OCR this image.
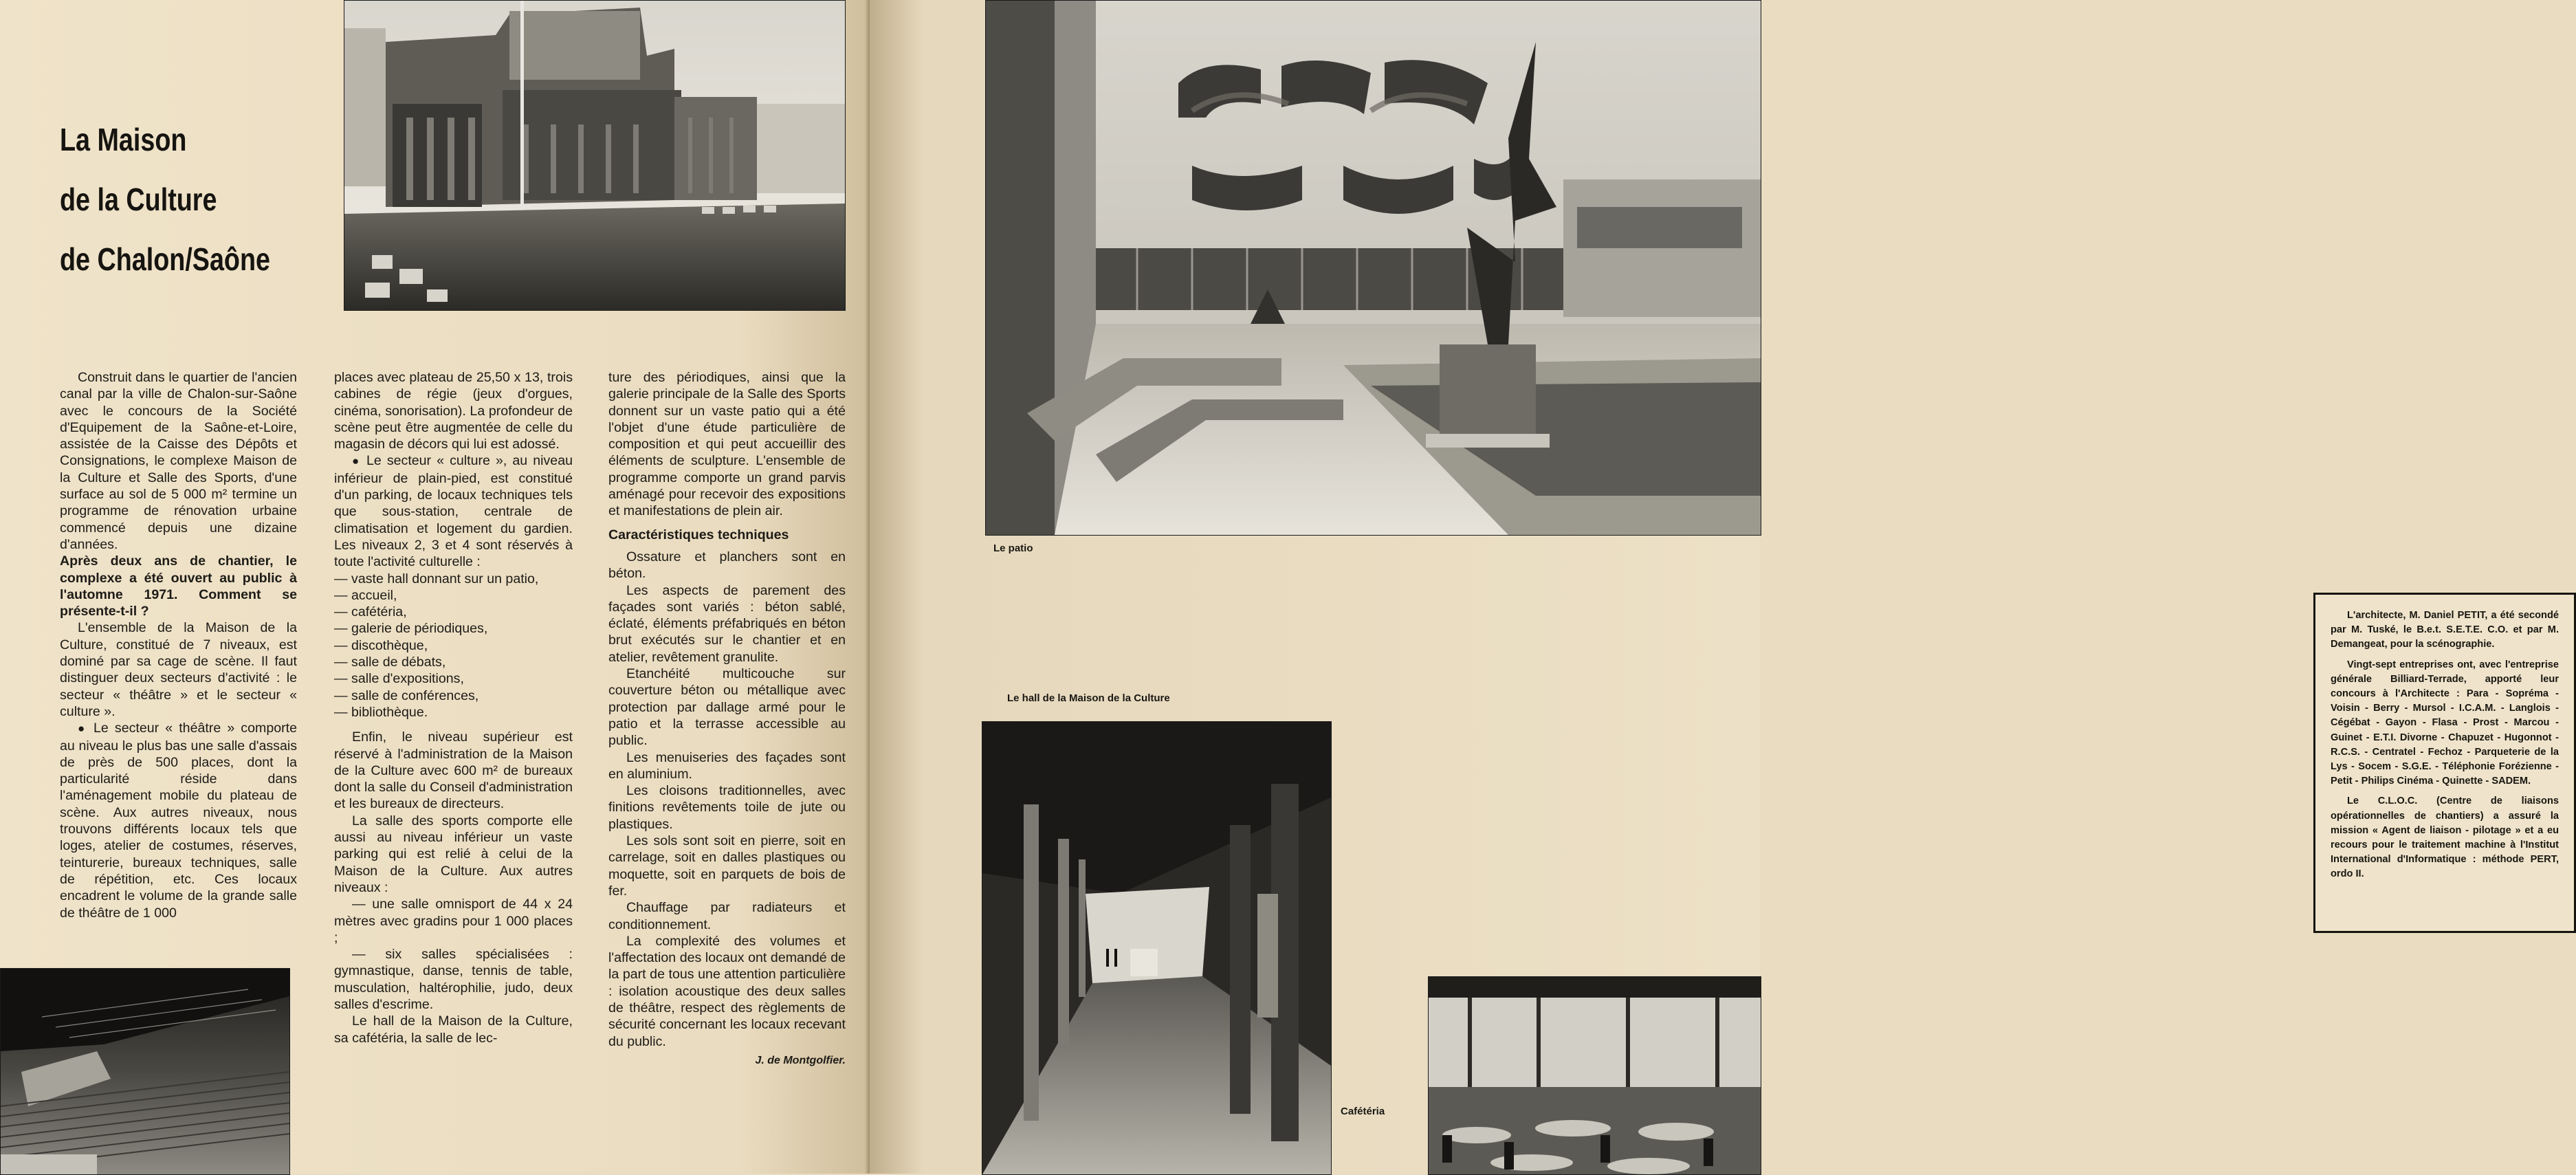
La Maison
de la Culture
de Chalon/Saône

Construit dans le quartier de l'ancien canal par la ville de Chalon-sur-Saône avec le concours de la Société d'Equipement de la Saône-et-Loire, assistée de la Caisse des Dépôts et Consignations, le complexe Maison de la Culture et Salle des Sports, d'une surface au sol de 5 000 m² termine un programme de rénovation urbaine commencé depuis une dizaine d'années.

Après deux ans de chantier, le complexe a été ouvert au public à l'automne 1971. Comment se présente-t-il ?

L'ensemble de la Maison de la Culture, constitué de 7 niveaux, est dominé par sa cage de scène. Il faut distinguer deux secteurs d'activité : le secteur « théâtre » et le secteur « culture ».

● Le secteur « théâtre » comporte au niveau le plus bas une salle d'assais de près de 500 places, dont la particularité réside dans l'aménagement mobile du plateau de scène. Aux autres niveaux, nous trouvons différents locaux tels que loges, atelier de costumes, réserves, teinturerie, bureaux techniques, salle de répétition, etc. Ces locaux encadrent le volume de la grande salle de théâtre de 1 000

places avec plateau de 25,50 x 13, trois cabines de régie (jeux d'orgues, cinéma, sonorisation). La profondeur de scène peut être augmentée de celle du magasin de décors qui lui est adossé.

● Le secteur « culture », au niveau inférieur de plain-pied, est constitué d'un parking, de locaux techniques tels que sous-station, centrale de climatisation et logement du gardien. Les niveaux 2, 3 et 4 sont réservés à toute l'activité culturelle :

— vaste hall donnant sur un patio,

— accueil,

— cafétéria,

— galerie de périodiques,

— discothèque,

— salle de débats,

— salle d'expositions,

— salle de conférences,

— bibliothèque.

Enfin, le niveau supérieur est réservé à l'administration de la Maison de la Culture avec 600 m² de bureaux dont la salle du Conseil d'administration et les bureaux de directeurs.

La salle des sports comporte elle aussi au niveau inférieur un vaste parking qui est relié à celui de la Maison de la Culture. Aux autres niveaux :

— une salle omnisport de 44 x 24 mètres avec gradins pour 1 000 places ;

— six salles spécialisées : gymnastique, danse, tennis de table, musculation, haltérophilie, judo, deux salles d'escrime.

Le hall de la Maison de la Culture, sa cafétéria, la salle de lec-

ture des périodiques, ainsi que la galerie principale de la Salle des Sports donnent sur un vaste patio qui a été l'objet d'une étude particulière de composition et qui peut accueillir des éléments de sculpture. L'ensemble de programme comporte un grand parvis aménagé pour recevoir des expositions et manifestations de plein air.

Caractéristiques techniques

Ossature et planchers sont en béton.

Les aspects de parement des façades sont variés : béton sablé, éclaté, éléments préfabriqués en béton brut exécutés sur le chantier et en atelier, revêtement granulite.

Etanchéité multicouche sur couverture béton ou métallique avec protection par dallage armé pour le patio et la terrasse accessible au public.

Les menuiseries des façades sont en aluminium.

Les cloisons traditionnelles, avec finitions revêtements toile de jute ou plastiques.

Les sols sont soit en pierre, soit en carrelage, soit en dalles plastiques ou moquette, soit en parquets de bois de fer.

Chauffage par radiateurs et conditionnement.

La complexité des volumes et l'affectation des locaux ont demandé de la part de tous une attention particulière : isolation acoustique des deux salles de théâtre, respect des règlements de sécurité concernant les locaux recevant du public.

J. de Montgolfier.
Le patio

Le hall de la Maison de la Culture

L'architecte, M. Daniel PETIT, a été secondé par M. Tuské, le B.e.t. S.E.T.E. C.O. et par M. Demangeat, pour la scénographie.

Vingt-sept entreprises ont, avec l'entreprise générale Billiard-Terrade, apporté leur concours à l'Architecte : Para - Sopréma - Voisin - Berry - Mursol - I.C.A.M. - Langlois - Cégébat - Gayon - Flasa - Prost - Marcou - Guinet - E.T.I. Divorne - Chapuzet - Hugonnot - R.C.S. - Centratel - Fechoz - Parqueterie de la Lys - Socem - S.G.E. - Téléphonie Forézienne - Petit - Philips Cinéma - Quinette - SADEM.

Le C.L.O.C. (Centre de liaisons opérationnelles de chantiers) a assuré la mission « Agent de liaison - pilotage » et a eu recours pour le traitement machine à l'Institut International d'Informatique : méthode PERT, ordo II.

Cafétéria
